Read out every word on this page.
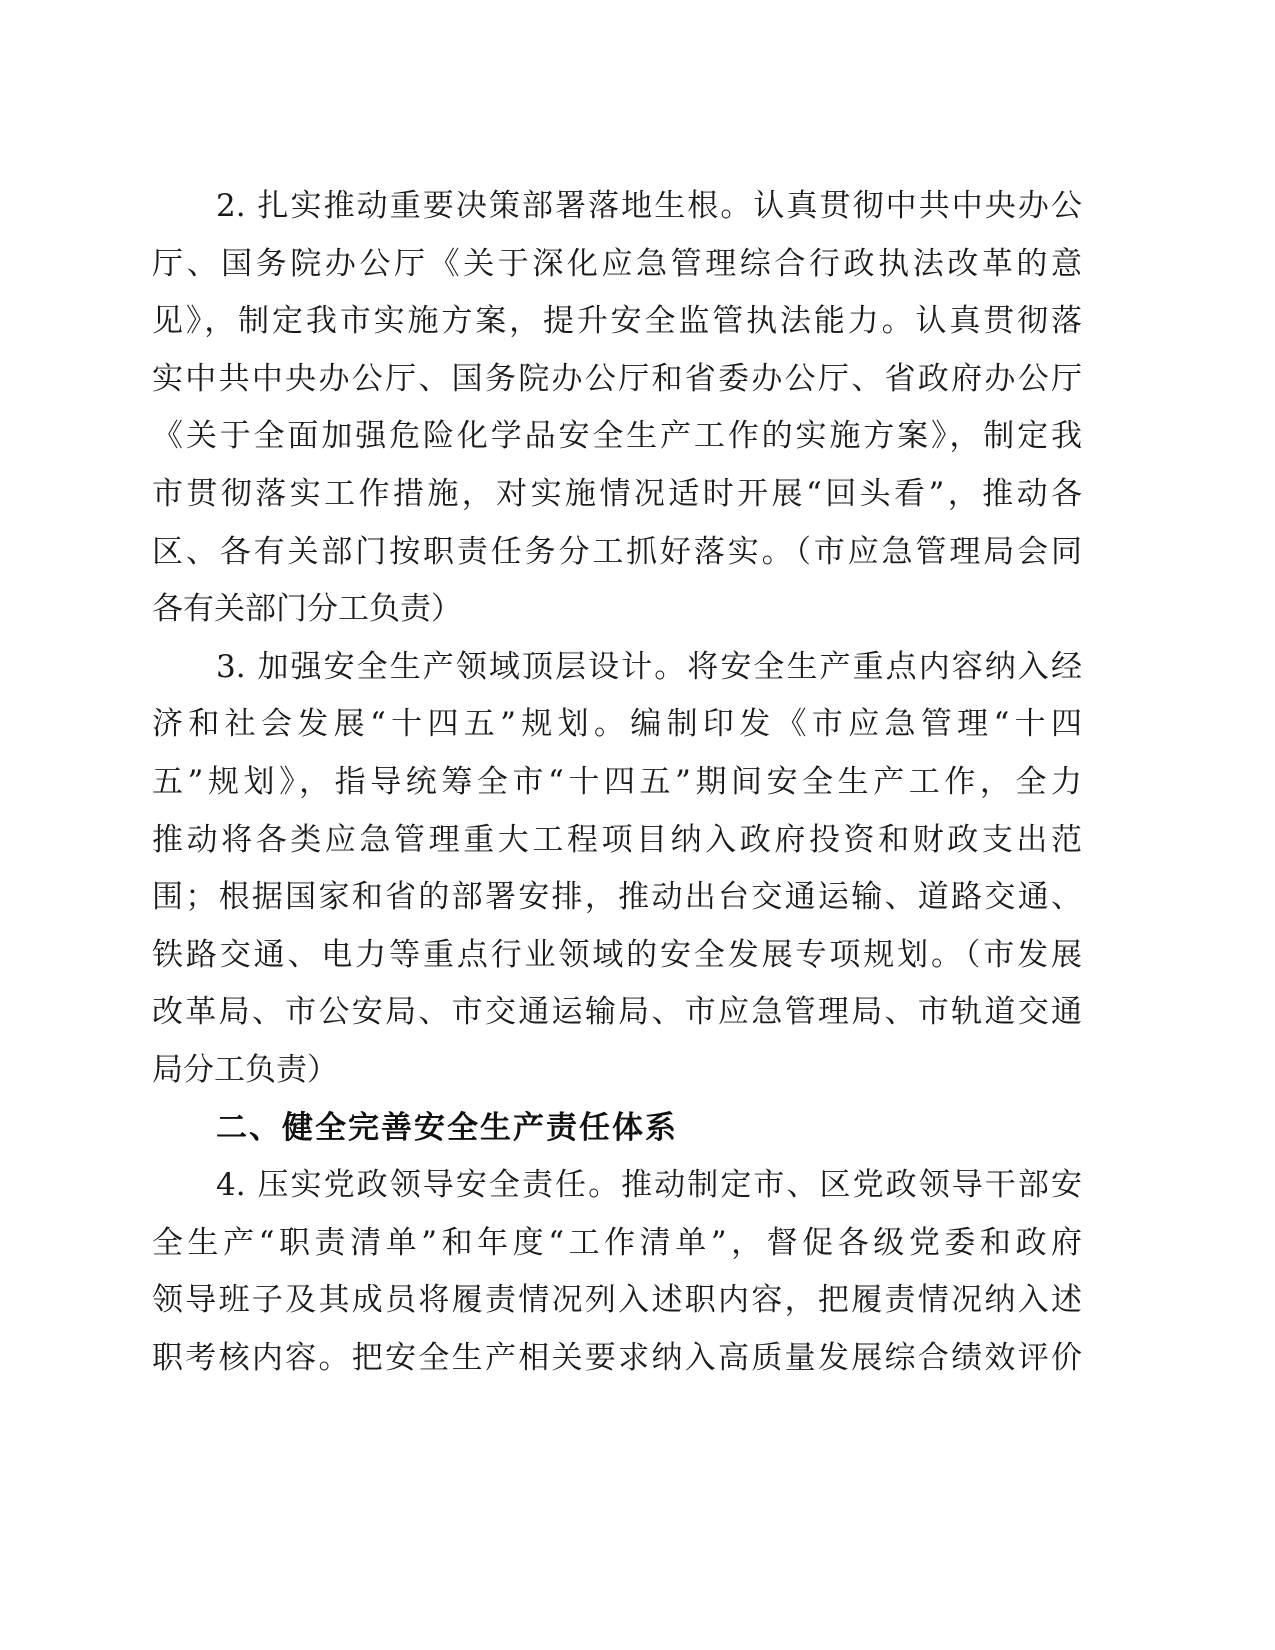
2. 扎实推动重要决策部署落地生根。认真贯彻中共中央办公
厅、国务院办公厅《关于深化应急管理综合行政执法改革的意
见》，制定我市实施方案，提升安全监管执法能力。认真贯彻落
实中共中央办公厅、国务院办公厅和省委办公厅、省政府办公厅
《关于全面加强危险化学品安全生产工作的实施方案》，制定我
市贯彻落实工作措施，对实施情况适时开展“回头看”，推动各
区、各有关部门按职责任务分工抓好落实。（市应急管理局会同
各有关部门分工负责）
3. 加强安全生产领域顶层设计。将安全生产重点内容纳入经
济和社会发展“十四五”规划。编制印发《市应急管理“十四
五”规划》，指导统筹全市“十四五”期间安全生产工作，全力
推动将各类应急管理重大工程项目纳入政府投资和财政支出范
围；根据国家和省的部署安排，推动出台交通运输、道路交通、
铁路交通、电力等重点行业领域的安全发展专项规划。（市发展
改革局、市公安局、市交通运输局、市应急管理局、市轨道交通
局分工负责）
二、健全完善安全生产责任体系
4. 压实党政领导安全责任。推动制定市、区党政领导干部安
全生产“职责清单”和年度“工作清单”，督促各级党委和政府
领导班子及其成员将履责情况列入述职内容，把履责情况纳入述
职考核内容。把安全生产相关要求纳入高质量发展综合绩效评价
